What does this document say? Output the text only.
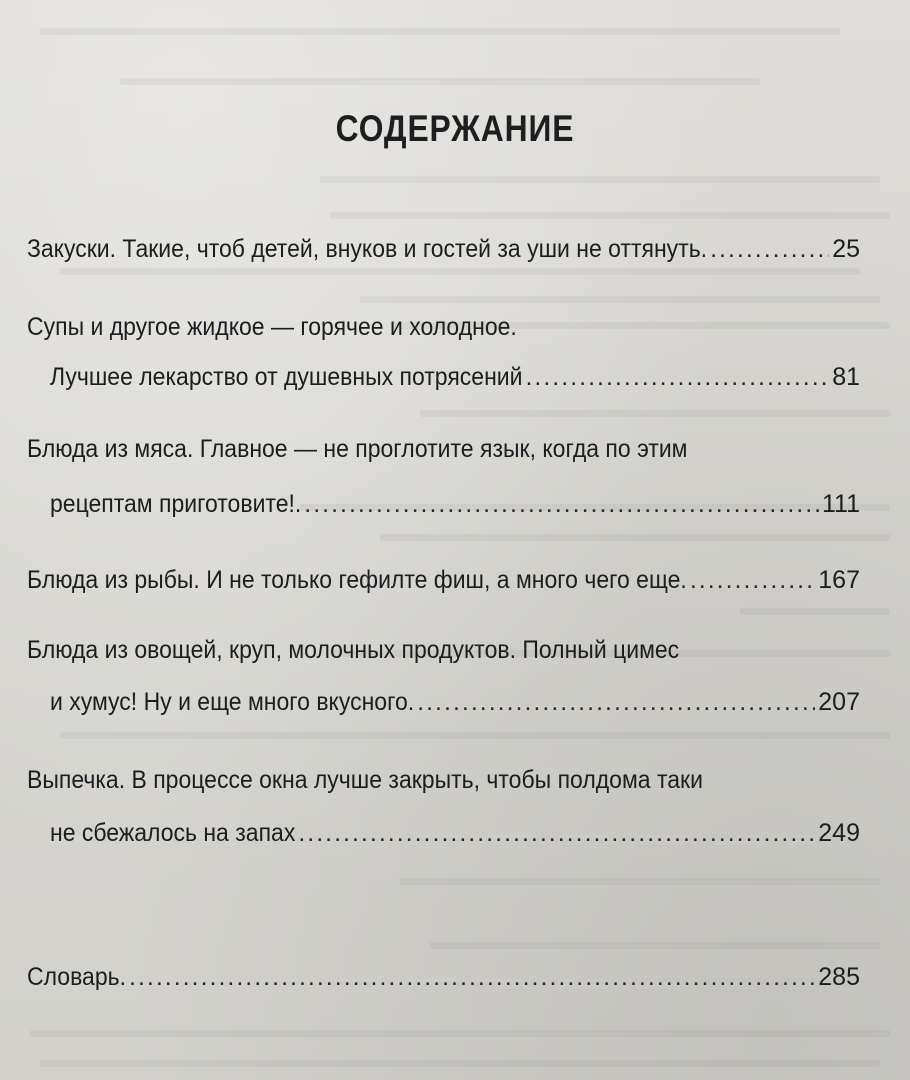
СОДЕРЖАНИЕ
Закуски. Такие, чтоб детей, внуков и гостей за уши не оттянуть. .....	25
Супы и другое жидкое — горячее и холодное.
Лучшее лекарство от душевных потрясений .....	81
Блюда из мяса. Главное — не проглотите язык, когда по этим
рецептам приготовите!. .....	111
Блюда из рыбы. И не только гефилте фиш, а много чего еще. .....	167
Блюда из овощей, круп, молочных продуктов. Полный цимес
и хумус! Ну и еще много вкусного. .....	207
Выпечка. В процессе окна лучше закрыть, чтобы полдома таки
не сбежалось на запах .....	249
Словарь. .....	285
